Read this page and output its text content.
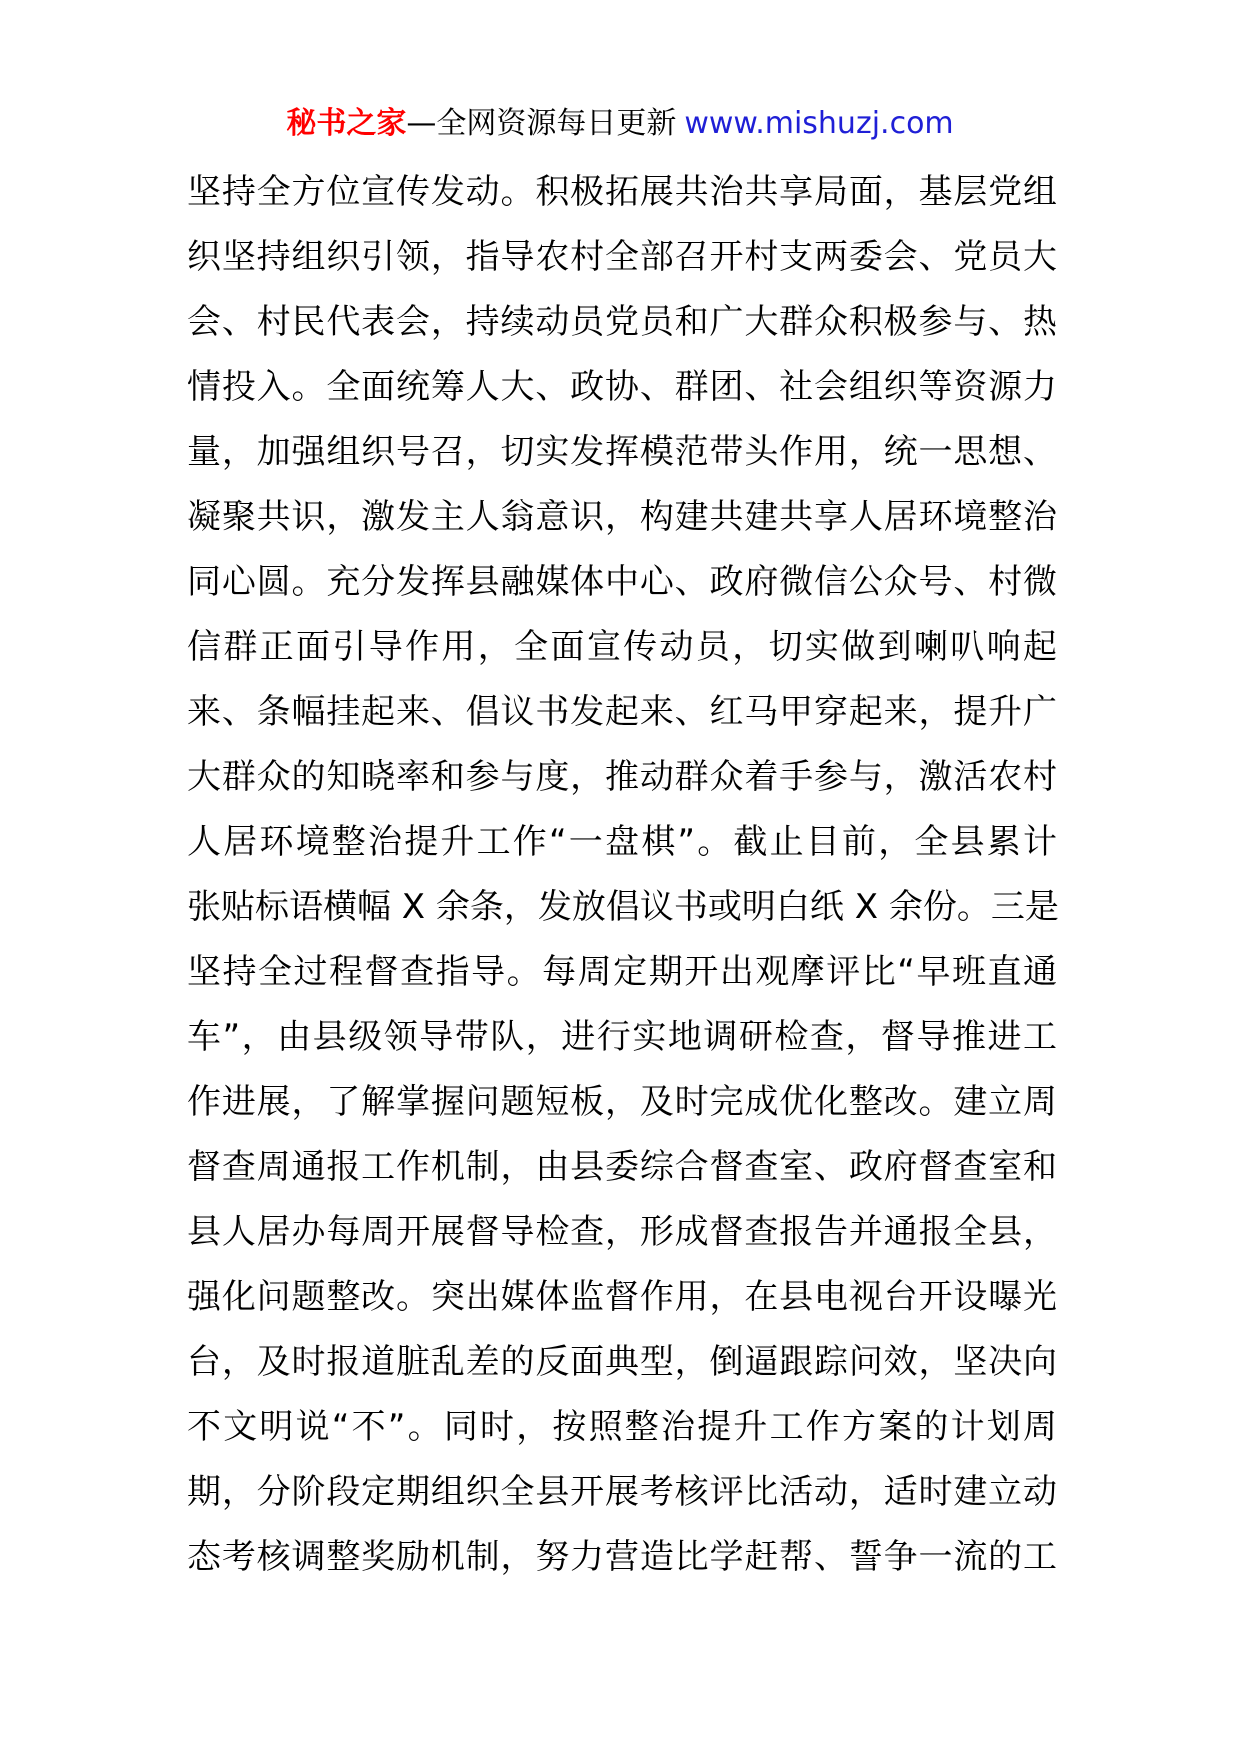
秘书之家—全网资源每日更新 www.mishuzj.com
坚持全方位宣传发动。积极拓展共治共享局面，基层党组
织坚持组织引领，指导农村全部召开村支两委会、党员大
会、村民代表会，持续动员党员和广大群众积极参与、热
情投入。全面统筹人大、政协、群团、社会组织等资源力
量，加强组织号召，切实发挥模范带头作用，统一思想、
凝聚共识，激发主人翁意识，构建共建共享人居环境整治
同心圆。充分发挥县融媒体中心、政府微信公众号、村微
信群正面引导作用，全面宣传动员，切实做到喇叭响起
来、条幅挂起来、倡议书发起来、红马甲穿起来，提升广
大群众的知晓率和参与度，推动群众着手参与，激活农村
人居环境整治提升工作“一盘棋”。截止目前，全县累计
张贴标语横幅 X 余条，发放倡议书或明白纸 X 余份。三是
坚持全过程督查指导。每周定期开出观摩评比“早班直通
车”，由县级领导带队，进行实地调研检查，督导推进工
作进展，了解掌握问题短板，及时完成优化整改。建立周
督查周通报工作机制，由县委综合督查室、政府督查室和
县人居办每周开展督导检查，形成督查报告并通报全县，
强化问题整改。突出媒体监督作用，在县电视台开设曝光
台，及时报道脏乱差的反面典型，倒逼跟踪问效，坚决向
不文明说“不”。同时，按照整治提升工作方案的计划周
期，分阶段定期组织全县开展考核评比活动，适时建立动
态考核调整奖励机制，努力营造比学赶帮、誓争一流的工
